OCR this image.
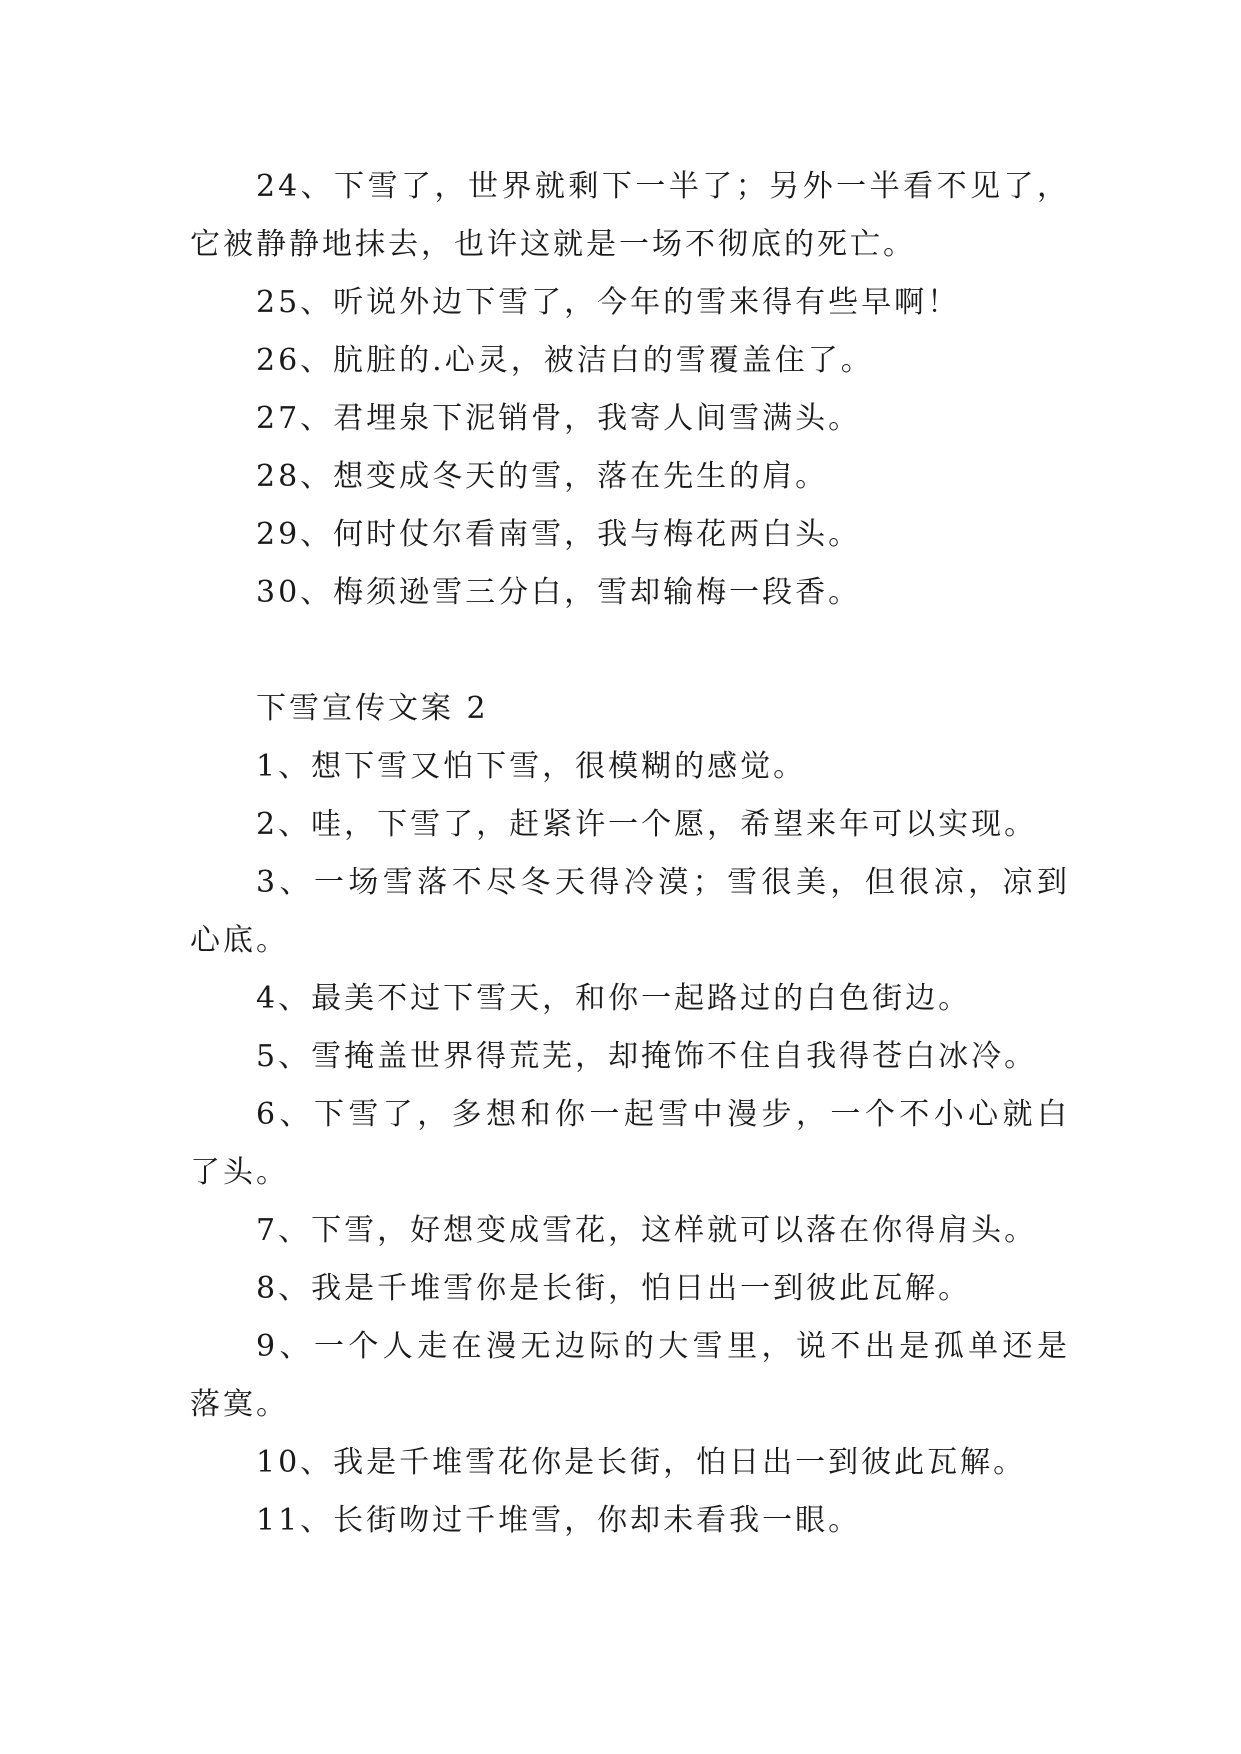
24、下雪了，世界就剩下一半了；另外一半看不见了，它被静静地抹去，也许这就是一场不彻底的死亡。

25、听说外边下雪了，今年的雪来得有些早啊！

26、肮脏的.心灵，被洁白的雪覆盖住了。

27、君埋泉下泥销骨，我寄人间雪满头。

28、想变成冬天的雪，落在先生的肩。

29、何时仗尔看南雪，我与梅花两白头。

30、梅须逊雪三分白，雪却输梅一段香。

下雪宣传文案 2

1、想下雪又怕下雪，很模糊的感觉。

2、哇，下雪了，赶紧许一个愿，希望来年可以实现。

3、一场雪落不尽冬天得冷漠；雪很美，但很凉，凉到心底。

4、最美不过下雪天，和你一起路过的白色街边。

5、雪掩盖世界得荒芜，却掩饰不住自我得苍白冰冷。

6、下雪了，多想和你一起雪中漫步，一个不小心就白了头。

7、下雪，好想变成雪花，这样就可以落在你得肩头。

8、我是千堆雪你是长街，怕日出一到彼此瓦解。

9、一个人走在漫无边际的大雪里，说不出是孤单还是落寞。

10、我是千堆雪花你是长街，怕日出一到彼此瓦解。

11、长街吻过千堆雪，你却未看我一眼。
